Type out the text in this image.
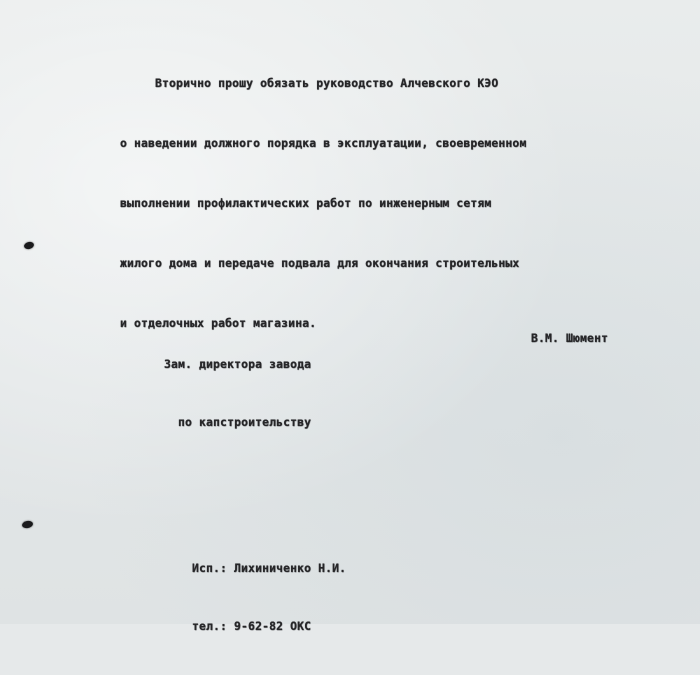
Вторично прошу обязать руководство Алчевского КЭО

о наведении должного порядка в эксплуатации, своевременном

выполнении профилактических работ по инженерным сетям

жилого дома и передаче подвала для окончания строительных

и отделочных работ магазина.

Зам. директора завода

по капстроительству

В.М. Шюмент

Исп.: Лихиниченко Н.И.

тел.: 9-62-82 ОКС
